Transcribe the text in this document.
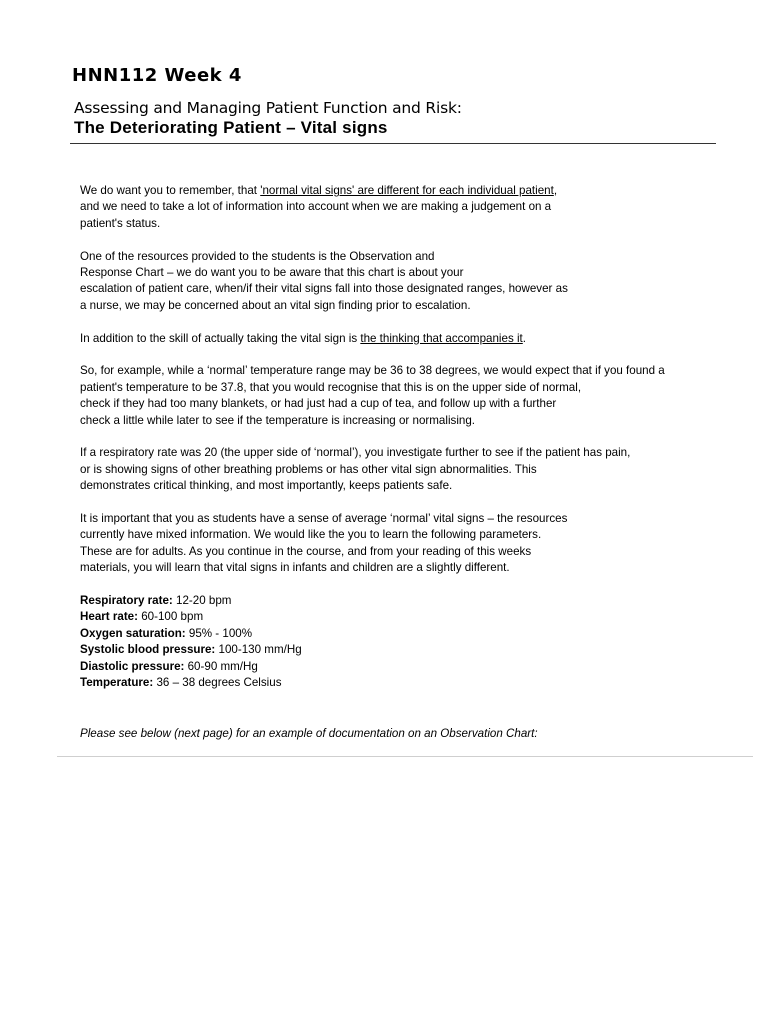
HNN112 Week 4

Assessing and Managing Patient Function and Risk:

The Deteriorating Patient – Vital signs

We do want you to remember, that 'normal vital signs' are different for each individual patient,
and we need to take a lot of information into account when we are making a judgement on a
patient's status.

One of the resources provided to the students is the Observation and
Response Chart – we do want you to be aware that this chart is about your
escalation of patient care, when/if their vital signs fall into those designated ranges, however as
a nurse, we may be concerned about an vital sign finding prior to escalation.

In addition to the skill of actually taking the vital sign is the thinking that accompanies it.

So, for example, while a ‘normal’ temperature range may be 36 to 38 degrees, we would expect that if you found a
patient's temperature to be 37.8, that you would recognise that this is on the upper side of normal,
check if they had too many blankets, or had just had a cup of tea, and follow up with a further
check a little while later to see if the temperature is increasing or normalising.

If a respiratory rate was 20 (the upper side of ‘normal’), you investigate further to see if the patient has pain,
or is showing signs of other breathing problems or has other vital sign abnormalities. This
demonstrates critical thinking, and most importantly, keeps patients safe.

It is important that you as students have a sense of average ‘normal’ vital signs – the resources
currently have mixed information. We would like the you to learn the following parameters.
These are for adults. As you continue in the course, and from your reading of this weeks
materials, you will learn that vital signs in infants and children are a slightly different.

Respiratory rate: 12-20 bpm
Heart rate: 60-100 bpm
Oxygen saturation: 95% - 100%
Systolic blood pressure: 100-130 mm/Hg
Diastolic pressure: 60-90 mm/Hg
Temperature: 36 – 38 degrees Celsius

Please see below (next page) for an example of documentation on an Observation Chart:
